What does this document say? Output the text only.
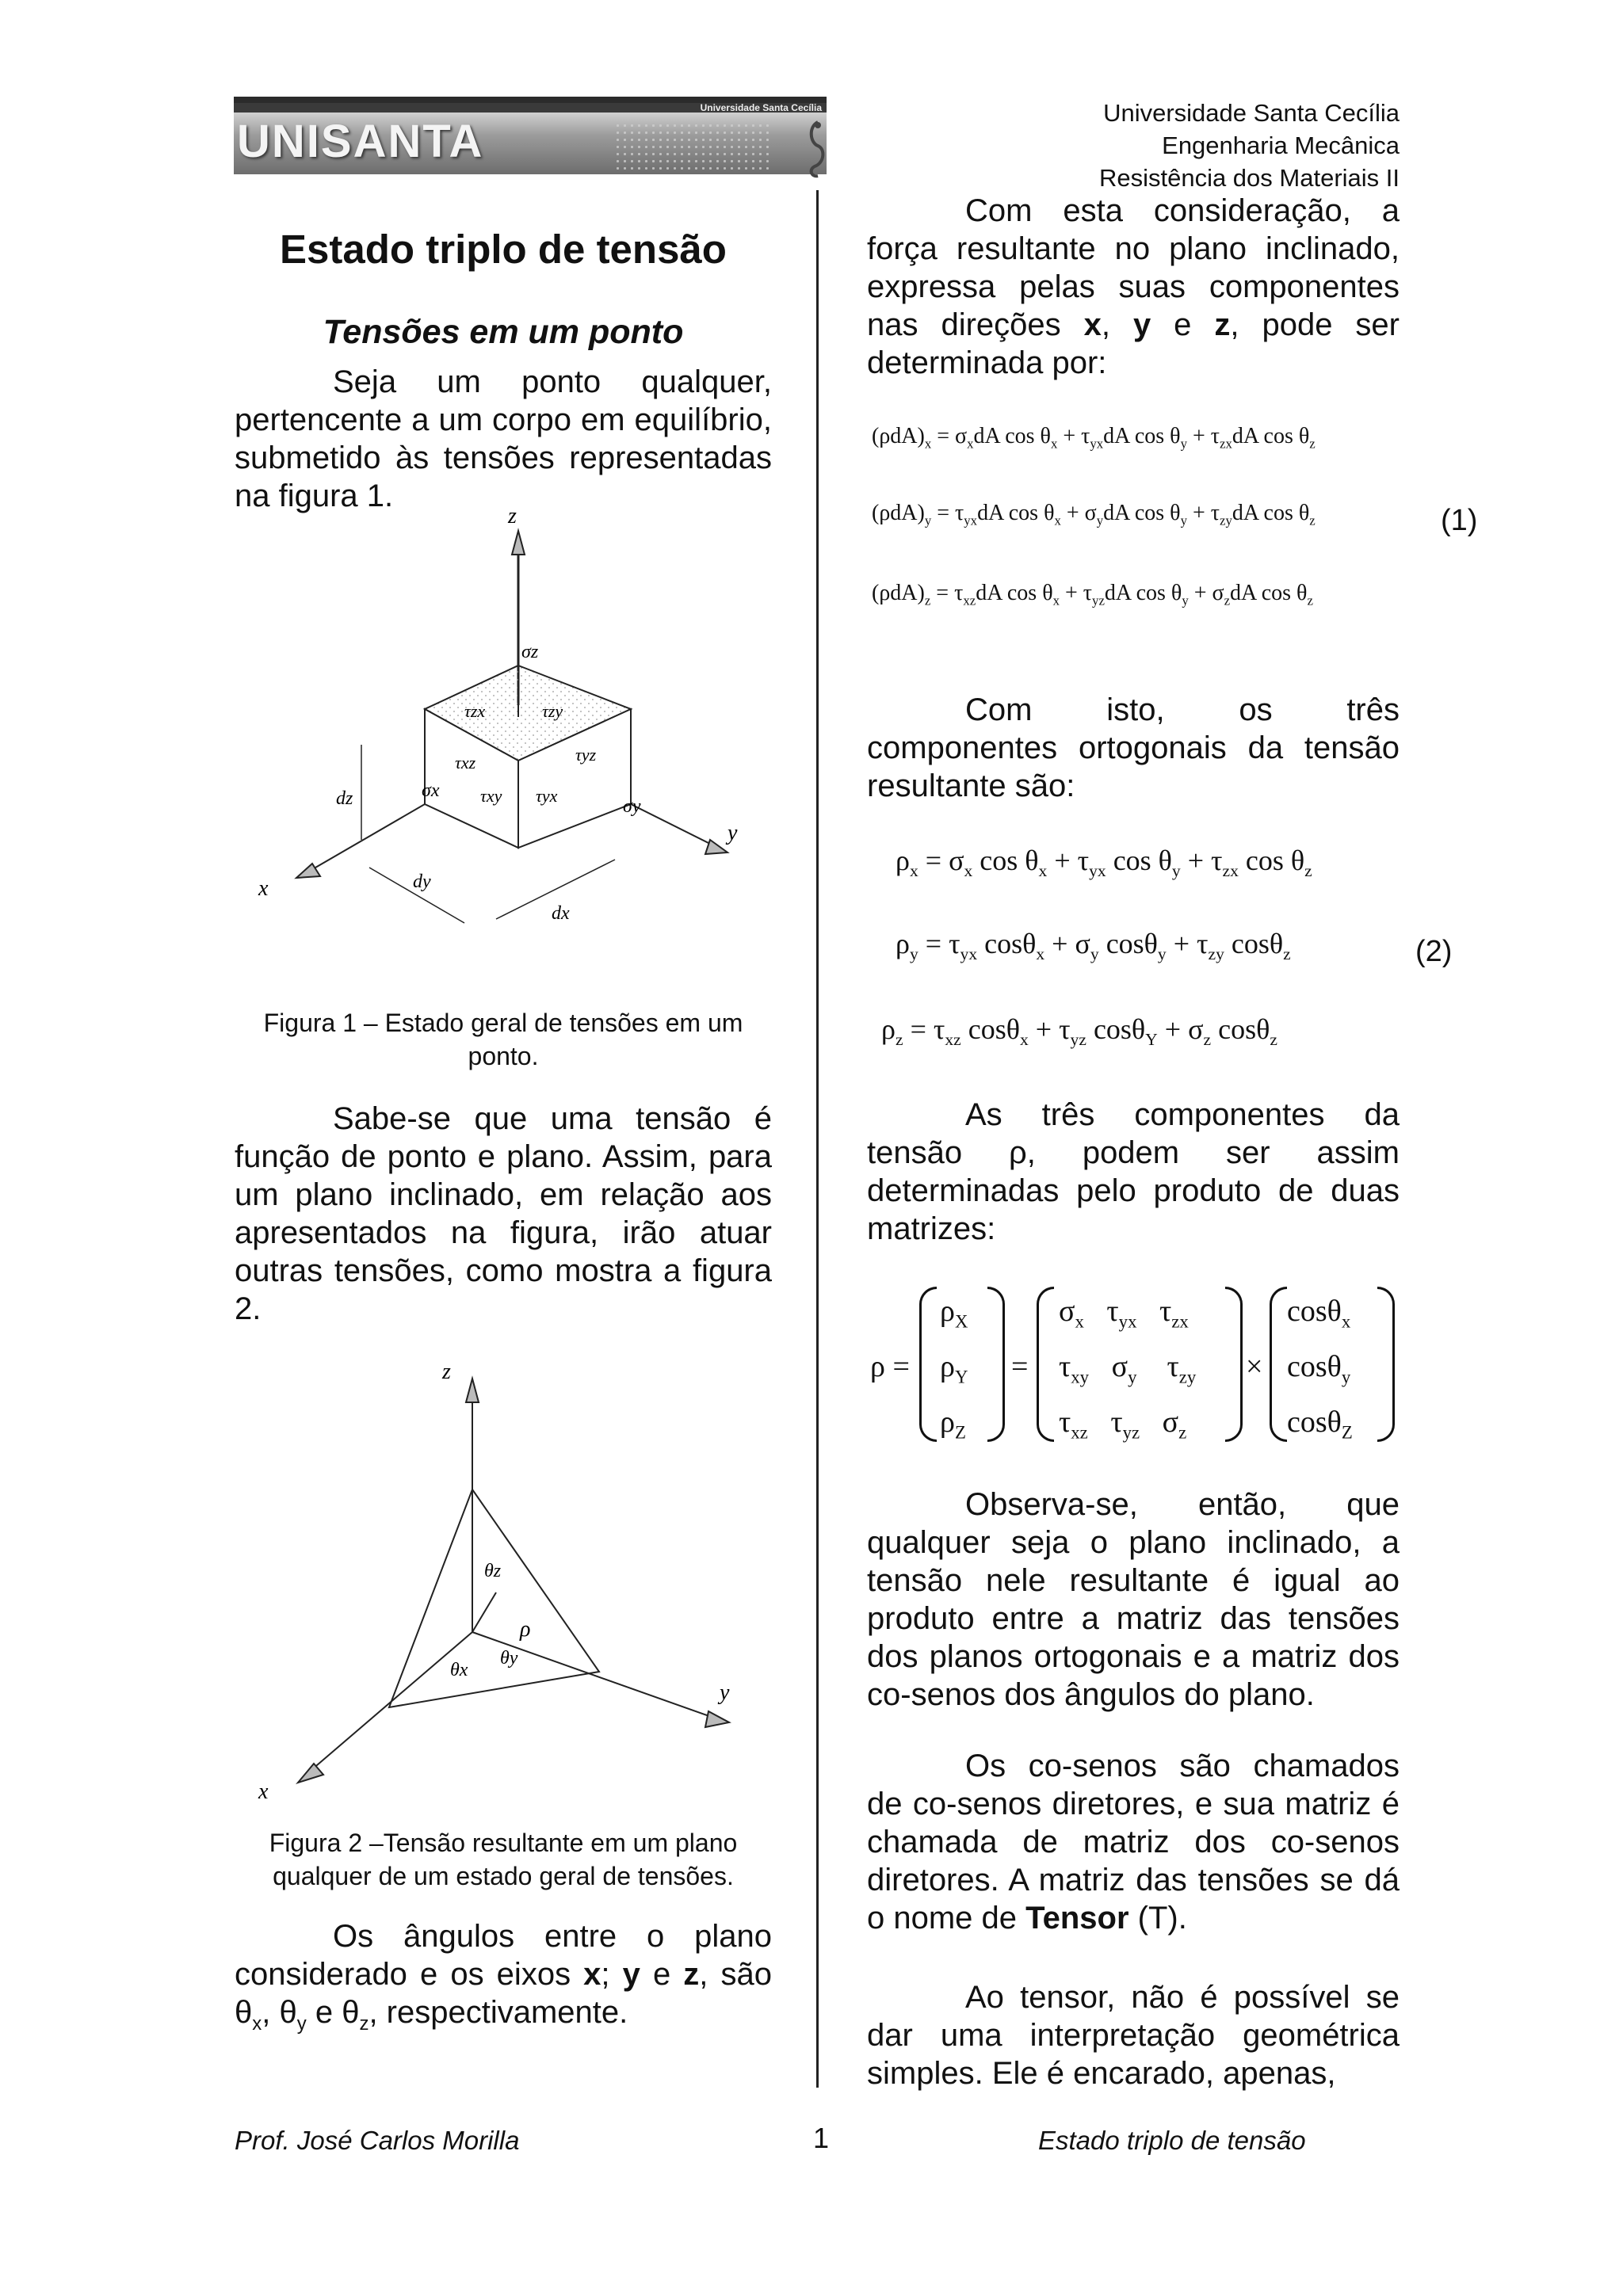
Universidade Santa Cecília
UNISANTA
Universidade Santa Cecília
Engenharia Mecânica
Resistência dos Materiais II
Estado triplo de tensão
Tensões em um ponto
Seja um ponto qualquer, pertencente a um corpo em equilíbrio, submetido às tensões representadas na figura 1.
z
x
y
dz
dy
dx
σz
τzx	τzy
τxz	τyz
σx τxy τyx
σy
Figura 1 – Estado geral de tensões em um ponto.
Sabe-se que uma tensão é função de ponto e plano. Assim, para um plano inclinado, em relação aos apresentados na figura, irão atuar outras tensões, como mostra a figura 2.
z
x
y
θz
ρ
θx
θy
Figura 2 –Tensão resultante em um plano qualquer de um estado geral de tensões.
Os ângulos entre o plano considerado e os eixos x; y e z, são $\theta_x$, $\theta_y$ e $\theta_z$, respectivamente.
Com esta consideração, a força resultante no plano inclinado, expressa pelas suas componentes nas direções x, y e z, pode ser determinada por:
$(\rho dA)_x = \sigma_xdA$ $\cos \theta_x + \tau_{yx}dA$ $\cos \theta_y + \tau_{zx}dA$ $\cos \theta_z$
$(\rho dA)_y = \tau_{yx}dA$ $\cos \theta_x + \sigma_ydA$ $\cos \theta_y + \tau_{zy}dA$ $\cos \theta_z$
$(\rho dA)_z = \tau_{xz}dA$ $\cos \theta_x + \tau_{yz}dA$ $\cos \theta_y + \sigma_zdA$ $\cos \theta_z$
(1)
Com isto, os três componentes ortogonais da tensão resultante são:
$\rho_x = \sigma_x$ $\cos \theta_x + \tau_{yx}$ $\cos \theta_y + \tau_{zx}$ $\cos \theta_z$
$\rho_y = \tau_{yx}$ $\cos\theta_x + \sigma_y$ $\cos\theta_y + \tau_{zy}$ cosθ$_z$
$\rho_z = \tau_{xz}$ $\cos\theta_x + \tau_{yz}$ $\cos\theta_Y + \sigma_z$ cosθ$_z$
(2)
As três componentes da tensão ρ, podem ser assim determinadas pelo produto de duas matrizes:
ρ =
$\rho_X$
$\rho_Y$
$\rho_Z$
=
$\sigma_x$   $\tau_{yx}$   $\tau_{zx}$
$\tau_{xy}$   $\sigma_y$    $\tau_{zy}$
$\tau_{xz}$   $\tau_{yz}$   $\sigma_z$
×
cosθ$_x$
cosθ$_y$
cosθ$_Z$
Observa-se, então, que qualquer seja o plano inclinado, a tensão nele resultante é igual ao produto entre a matriz das tensões dos planos ortogonais e a matriz dos co-senos dos ângulos do plano.
Os co-senos são chamados de co-senos diretores, e sua matriz é chamada de matriz dos co-senos diretores. A matriz das tensões se dá o nome de Tensor (T).
Ao tensor, não é possível se dar uma interpretação geométrica simples. Ele é encarado, apenas,
Prof. José Carlos Morilla	1	Estado triplo de tensão
